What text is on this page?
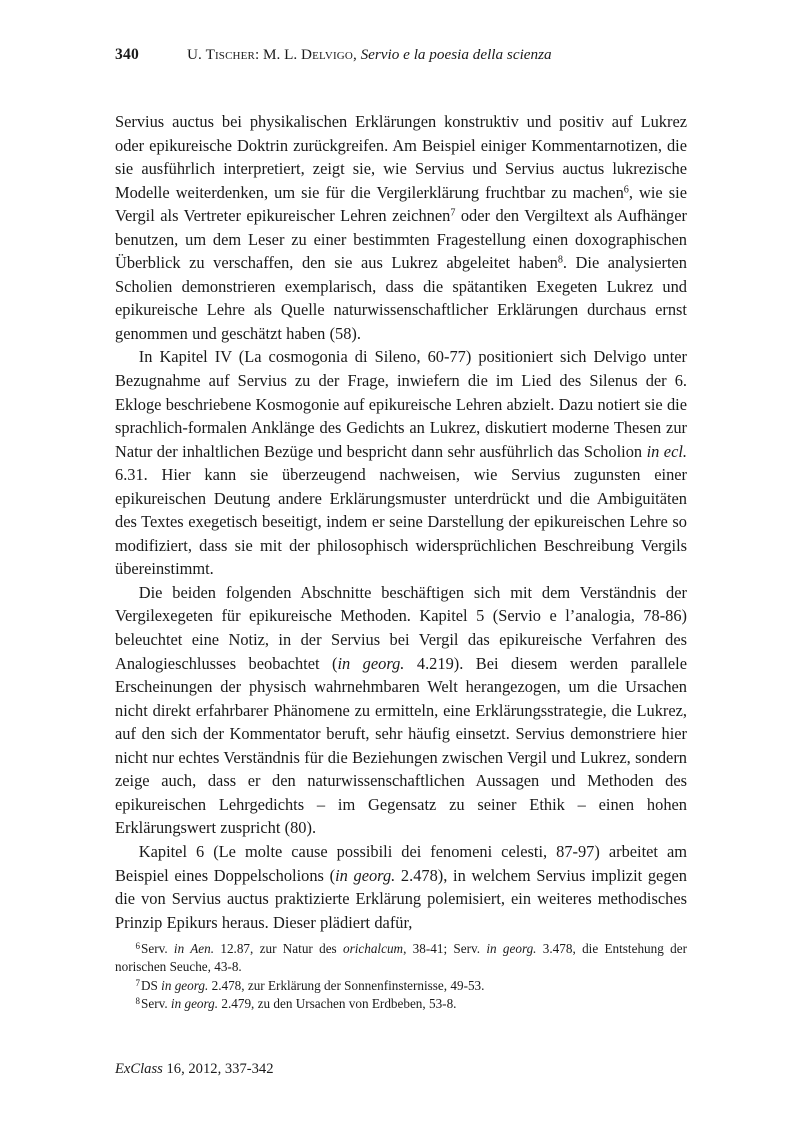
340	U. Tischer: M. L. Delvigo, Servio e la poesia della scienza

Servius auctus bei physikalischen Erklärungen konstruktiv und positiv auf Lukrez oder epikureische Doktrin zurückgreifen. Am Beispiel einiger Kommentarnotizen, die sie ausführlich interpretiert, zeigt sie, wie Servius und Servius auctus lukrezische Modelle weiterdenken, um sie für die Vergilerklärung fruchtbar zu machen$^6$, wie sie Vergil als Vertreter epikureischer Lehren zeichnen$^7$ oder den Vergiltext als Aufhänger benutzen, um dem Leser zu einer bestimmten Fragestellung einen doxographischen Überblick zu verschaffen, den sie aus Lukrez abgeleitet haben$^8$. Die analysierten Scholien demonstrieren exemplarisch, dass die spätantiken Exegeten Lukrez und epikureische Lehre als Quelle naturwissenschaftlicher Erklärungen durchaus ernst genommen und geschätzt haben (58).

In Kapitel IV (La cosmogonia di Sileno, 60-77) positioniert sich Delvigo unter Bezugnahme auf Servius zu der Frage, inwiefern die im Lied des Silenus der 6. Ekloge beschriebene Kosmogonie auf epikureische Lehren abzielt. Dazu notiert sie die sprachlich-formalen Anklänge des Gedichts an Lukrez, diskutiert moderne Thesen zur Natur der inhaltlichen Bezüge und bespricht dann sehr ausführlich das Scholion in ecl. 6.31. Hier kann sie überzeugend nachweisen, wie Servius zugunsten einer epikureischen Deutung andere Erklärungsmuster unterdrückt und die Ambiguitäten des Textes exegetisch beseitigt, indem er seine Darstellung der epikureischen Lehre so modifiziert, dass sie mit der philosophisch widersprüchlichen Beschreibung Vergils übereinstimmt.

Die beiden folgenden Abschnitte beschäftigen sich mit dem Verständnis der Vergilexegeten für epikureische Methoden. Kapitel 5 (Servio e l’analogia, 78-86) beleuchtet eine Notiz, in der Servius bei Vergil das epikureische Verfahren des Analogieschlusses beobachtet (in georg. 4.219). Bei diesem werden parallele Erscheinungen der physisch wahrnehmbaren Welt herangezogen, um die Ursachen nicht direkt erfahrbarer Phänomene zu ermitteln, eine Erklärungsstrategie, die Lukrez, auf den sich der Kommentator beruft, sehr häufig einsetzt. Servius demonstriere hier nicht nur echtes Verständnis für die Beziehungen zwischen Vergil und Lukrez, sondern zeige auch, dass er den naturwissenschaftlichen Aussagen und Methoden des epikureischen Lehrgedichts – im Gegensatz zu seiner Ethik – einen hohen Erklärungswert zuspricht (80).

Kapitel 6 (Le molte cause possibili dei fenomeni celesti, 87-97) arbeitet am Beispiel eines Doppelscholions (in georg. 2.478), in welchem Servius implizit gegen die von Servius auctus praktizierte Erklärung polemisiert, ein weiteres methodisches Prinzip Epikurs heraus. Dieser plädiert dafür,

$^6$Serv. in Aen. 12.87, zur Natur des orichalcum, 38-41; Serv. in georg. 3.478, die Entstehung der norischen Seuche, 43-8.

$^7$DS in georg. 2.478, zur Erklärung der Sonnenfinsternisse, 49-53.

$^8$Serv. in georg. 2.479, zu den Ursachen von Erdbeben, 53-8.

ExClass 16, 2012, 337-342
